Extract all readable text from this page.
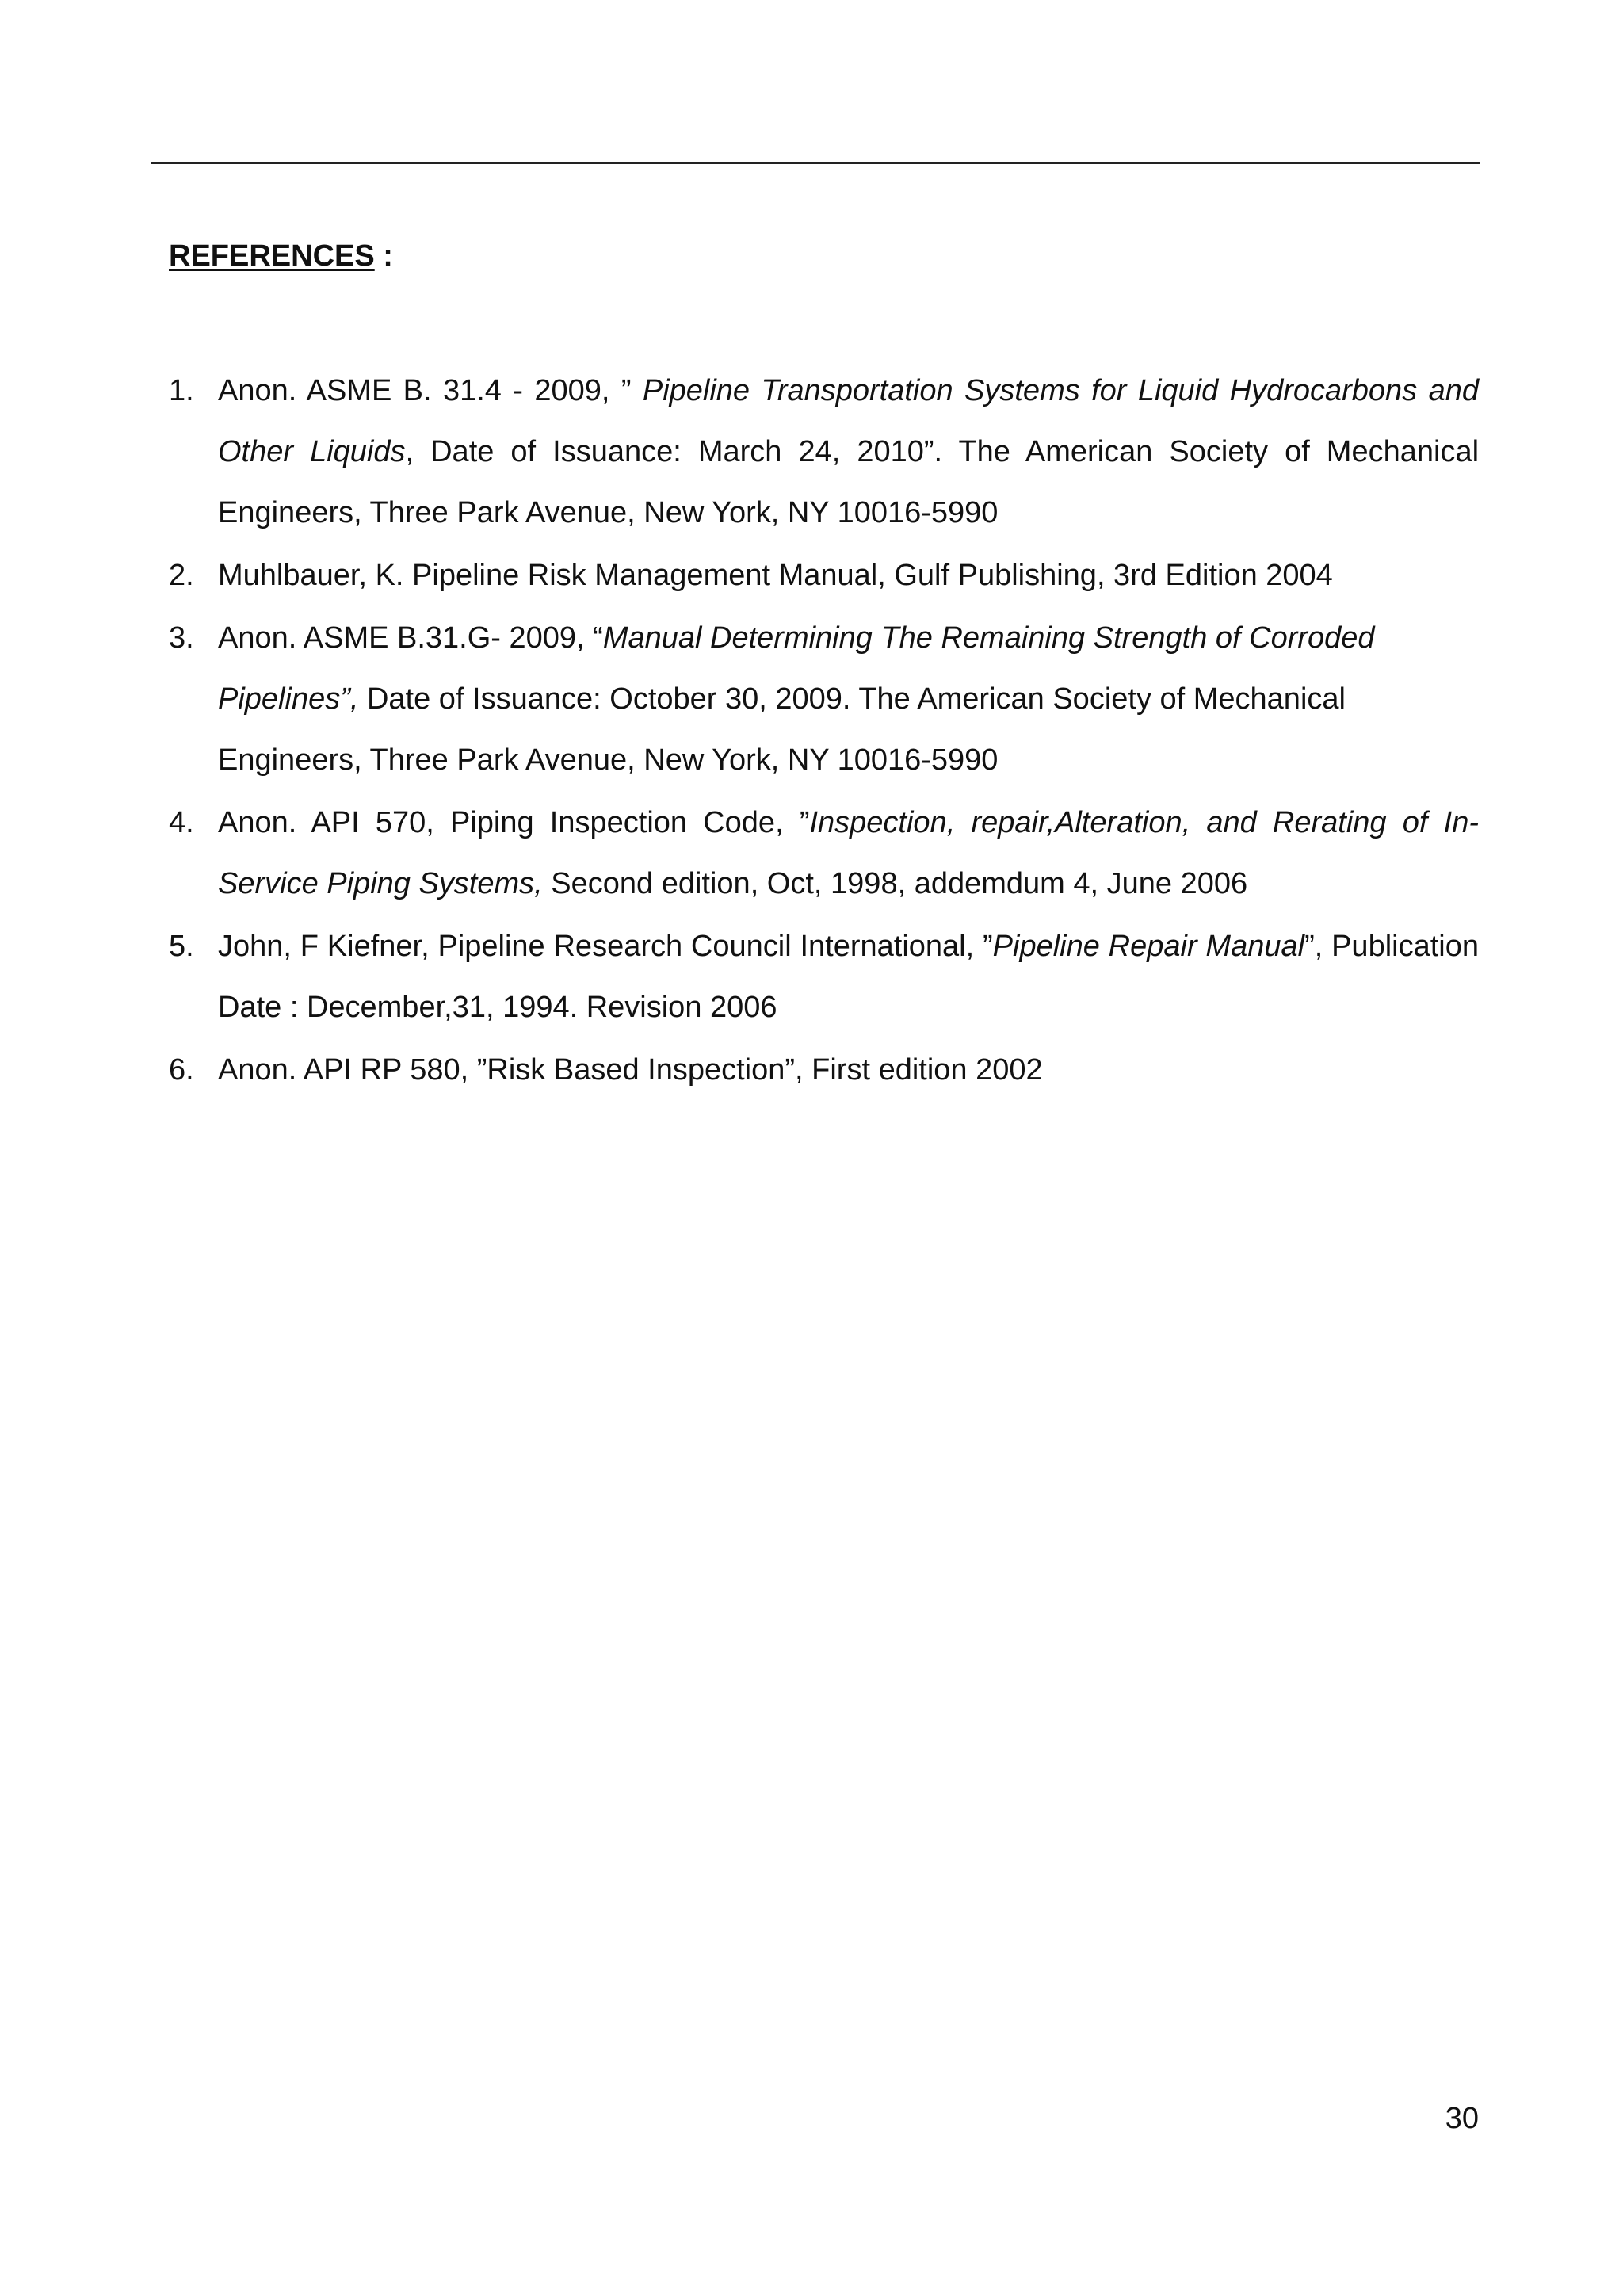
REFERENCES :
1. Anon. ASME B. 31.4 - 2009, ” Pipeline Transportation Systems for Liquid Hydrocarbons and Other Liquids, Date of Issuance: March 24, 2010”. The American Society of Mechanical Engineers, Three Park Avenue, New York, NY 10016-5990
2. Muhlbauer, K. Pipeline Risk Management Manual, Gulf Publishing, 3rd Edition 2004
3. Anon. ASME B.31.G- 2009, “Manual Determining The Remaining Strength of Corroded
Pipelines”, Date of Issuance: October 30, 2009. The American Society of Mechanical
Engineers, Three Park Avenue, New York, NY 10016-5990
4. Anon. API 570, Piping Inspection Code, ”Inspection, repair,Alteration, and Rerating of In-Service Piping Systems, Second edition, Oct, 1998, addemdum 4, June 2006
5. John, F Kiefner, Pipeline Research Council International, ”Pipeline Repair Manual”, Publication Date : December,31, 1994. Revision 2006
6. Anon. API RP 580, ”Risk Based Inspection”, First edition 2002
30
